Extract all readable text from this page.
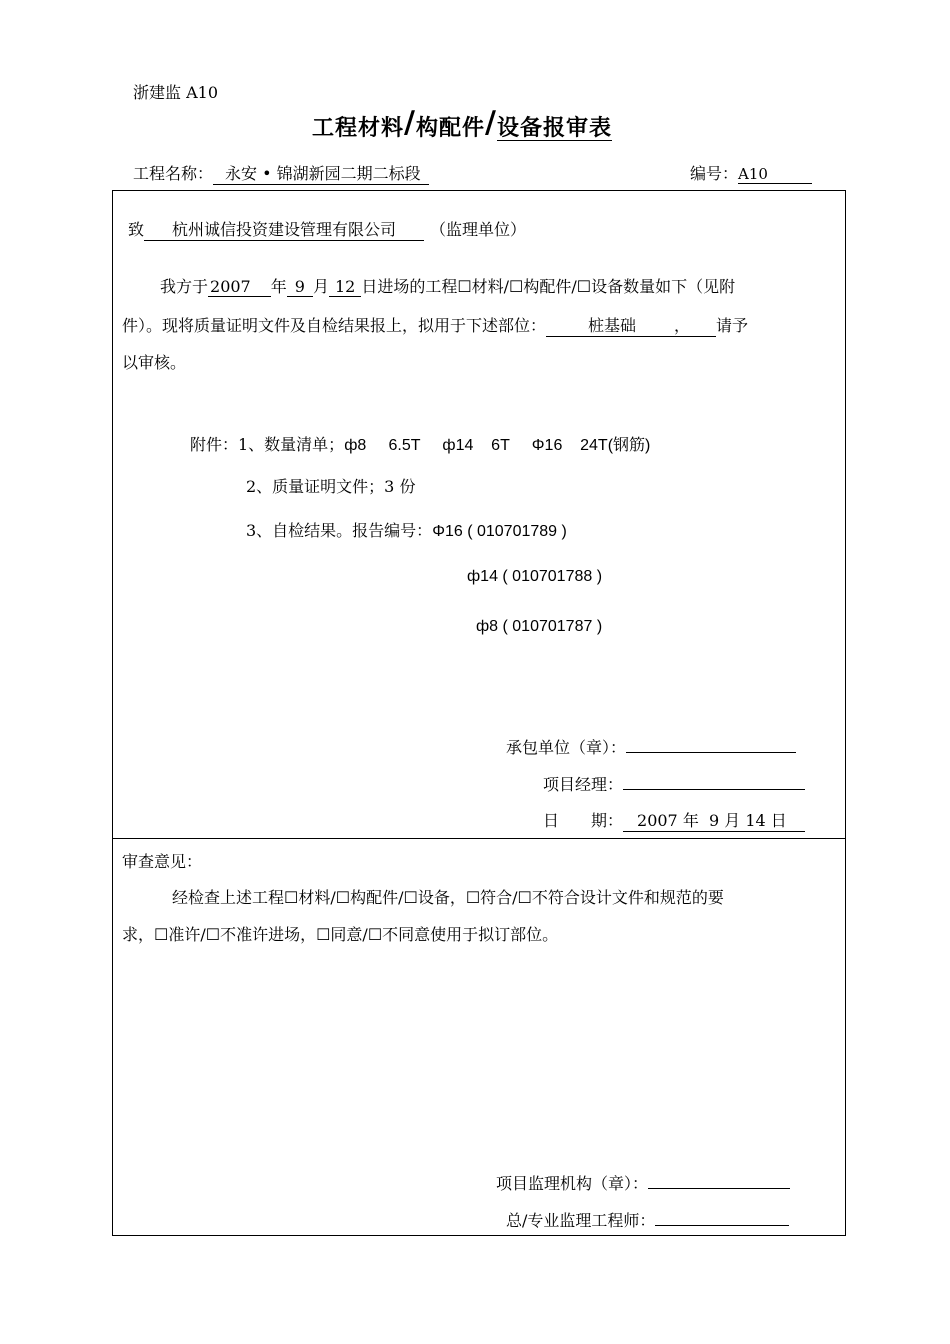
浙建监 A10
工程材料/构配件/设备报审表
工程名称： 永安 • 锦湖新园二期二标段	编号：A10
致 杭州诚信投资建设管理有限公司 （监理单位）
我方于 2007 年 9 月 12 日进场的工程☐材料/☐构配件/☐设备数量如下（见附
件）。现将质量证明文件及自检结果报上，拟用于下述部位：	桩基础 ， 请予
以审核。
附件：1、数量清单；ф8     6.5T     ф14    6T     Φ16    24T(钢筋)
2、质量证明文件；3 份
3、自检结果。报告编号：Φ16 ( 010701789 )
ф14 ( 010701788 )
ф8 ( 010701787 )
承包单位（章）：
项目经理：
日　　期： 2007 年  9 月 14 日
审查意见：
经检查上述工程☐材料/☐构配件/☐设备，☐符合/☐不符合设计文件和规范的要
求，☐准许/☐不准许进场，☐同意/☐不同意使用于拟订部位。
项目监理机构（章）：
总/专业监理工程师：
